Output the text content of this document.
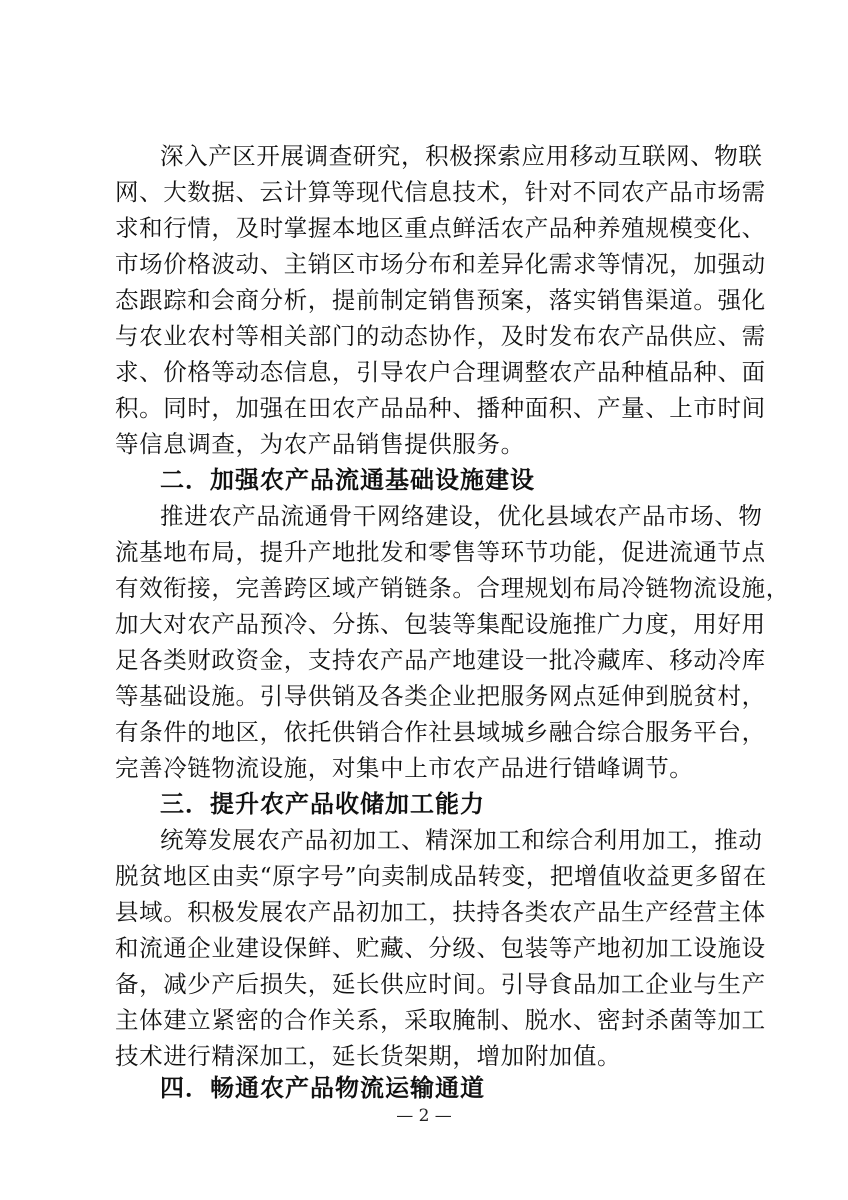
深入产区开展调查研究，积极探索应用移动互联网、物联
网、大数据、云计算等现代信息技术，针对不同农产品市场需
求和行情，及时掌握本地区重点鲜活农产品种养殖规模变化、
市场价格波动、主销区市场分布和差异化需求等情况，加强动
态跟踪和会商分析，提前制定销售预案，落实销售渠道。强化
与农业农村等相关部门的动态协作，及时发布农产品供应、需
求、价格等动态信息，引导农户合理调整农产品种植品种、面
积。同时，加强在田农产品品种、播种面积、产量、上市时间
等信息调查，为农产品销售提供服务。
二．加强农产品流通基础设施建设
推进农产品流通骨干网络建设，优化县域农产品市场、物
流基地布局，提升产地批发和零售等环节功能，促进流通节点
有效衔接，完善跨区域产销链条。合理规划布局冷链物流设施，
加大对农产品预冷、分拣、包装等集配设施推广力度，用好用
足各类财政资金，支持农产品产地建设一批冷藏库、移动冷库
等基础设施。引导供销及各类企业把服务网点延伸到脱贫村，
有条件的地区，依托供销合作社县域城乡融合综合服务平台，
完善冷链物流设施，对集中上市农产品进行错峰调节。
三．提升农产品收储加工能力
统筹发展农产品初加工、精深加工和综合利用加工，推动
脱贫地区由卖“原字号”向卖制成品转变，把增值收益更多留在
县域。积极发展农产品初加工，扶持各类农产品生产经营主体
和流通企业建设保鲜、贮藏、分级、包装等产地初加工设施设
备，减少产后损失，延长供应时间。引导食品加工企业与生产
主体建立紧密的合作关系，采取腌制、脱水、密封杀菌等加工
技术进行精深加工，延长货架期，增加附加值。
四．畅通农产品物流运输通道
— 2 —
